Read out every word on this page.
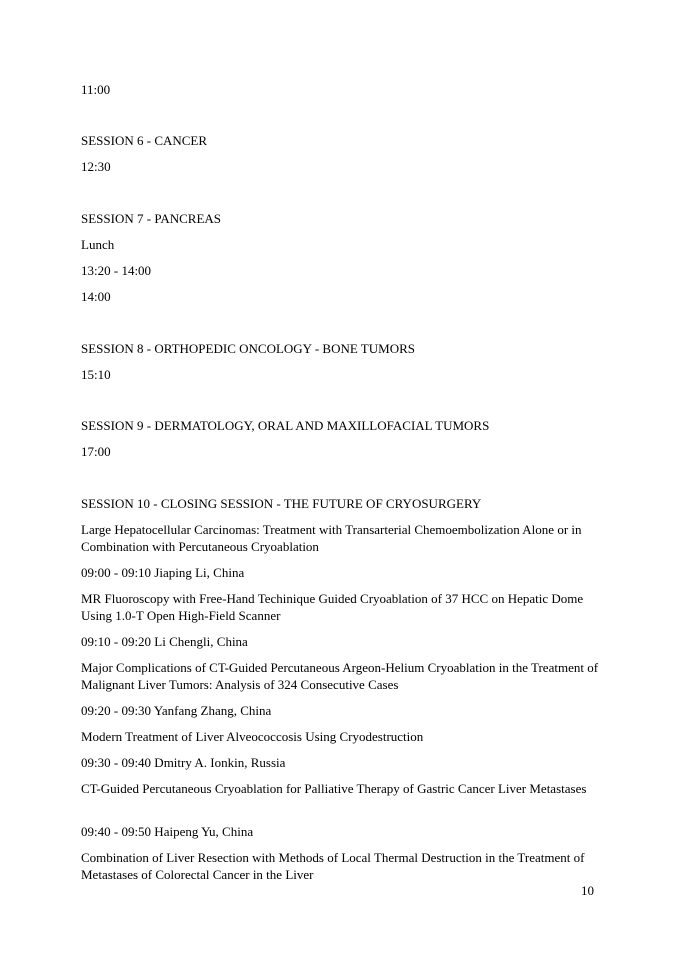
11:00

SESSION 6 - CANCER

12:30

SESSION 7 - PANCREAS

Lunch

13:20 - 14:00

14:00

SESSION 8 - ORTHOPEDIC ONCOLOGY - BONE TUMORS

15:10

SESSION 9 - DERMATOLOGY, ORAL AND MAXILLOFACIAL TUMORS

17:00

SESSION 10 - CLOSING SESSION - THE FUTURE OF CRYOSURGERY

Large Hepatocellular Carcinomas: Treatment with Transarterial Chemoembolization Alone or in Combination with Percutaneous Cryoablation

09:00 - 09:10 Jiaping Li, China

MR Fluoroscopy with Free-Hand Techinique Guided Cryoablation of 37 HCC on Hepatic Dome Using 1.0-T Open High-Field Scanner

09:10 - 09:20 Li Chengli, China

Major Complications of CT-Guided Percutaneous Argeon-Helium Cryoablation in the Treatment of Malignant Liver Tumors: Analysis of 324 Consecutive Cases

09:20 - 09:30 Yanfang Zhang, China

Modern Treatment of Liver Alveococcosis Using Cryodestruction

09:30 - 09:40 Dmitry A. Ionkin, Russia

CT-Guided Percutaneous Cryoablation for Palliative Therapy of Gastric Cancer Liver Metastases

09:40 - 09:50 Haipeng Yu, China

Combination of Liver Resection with Methods of Local Thermal Destruction in the Treatment of Metastases of Colorectal Cancer in the Liver

10
